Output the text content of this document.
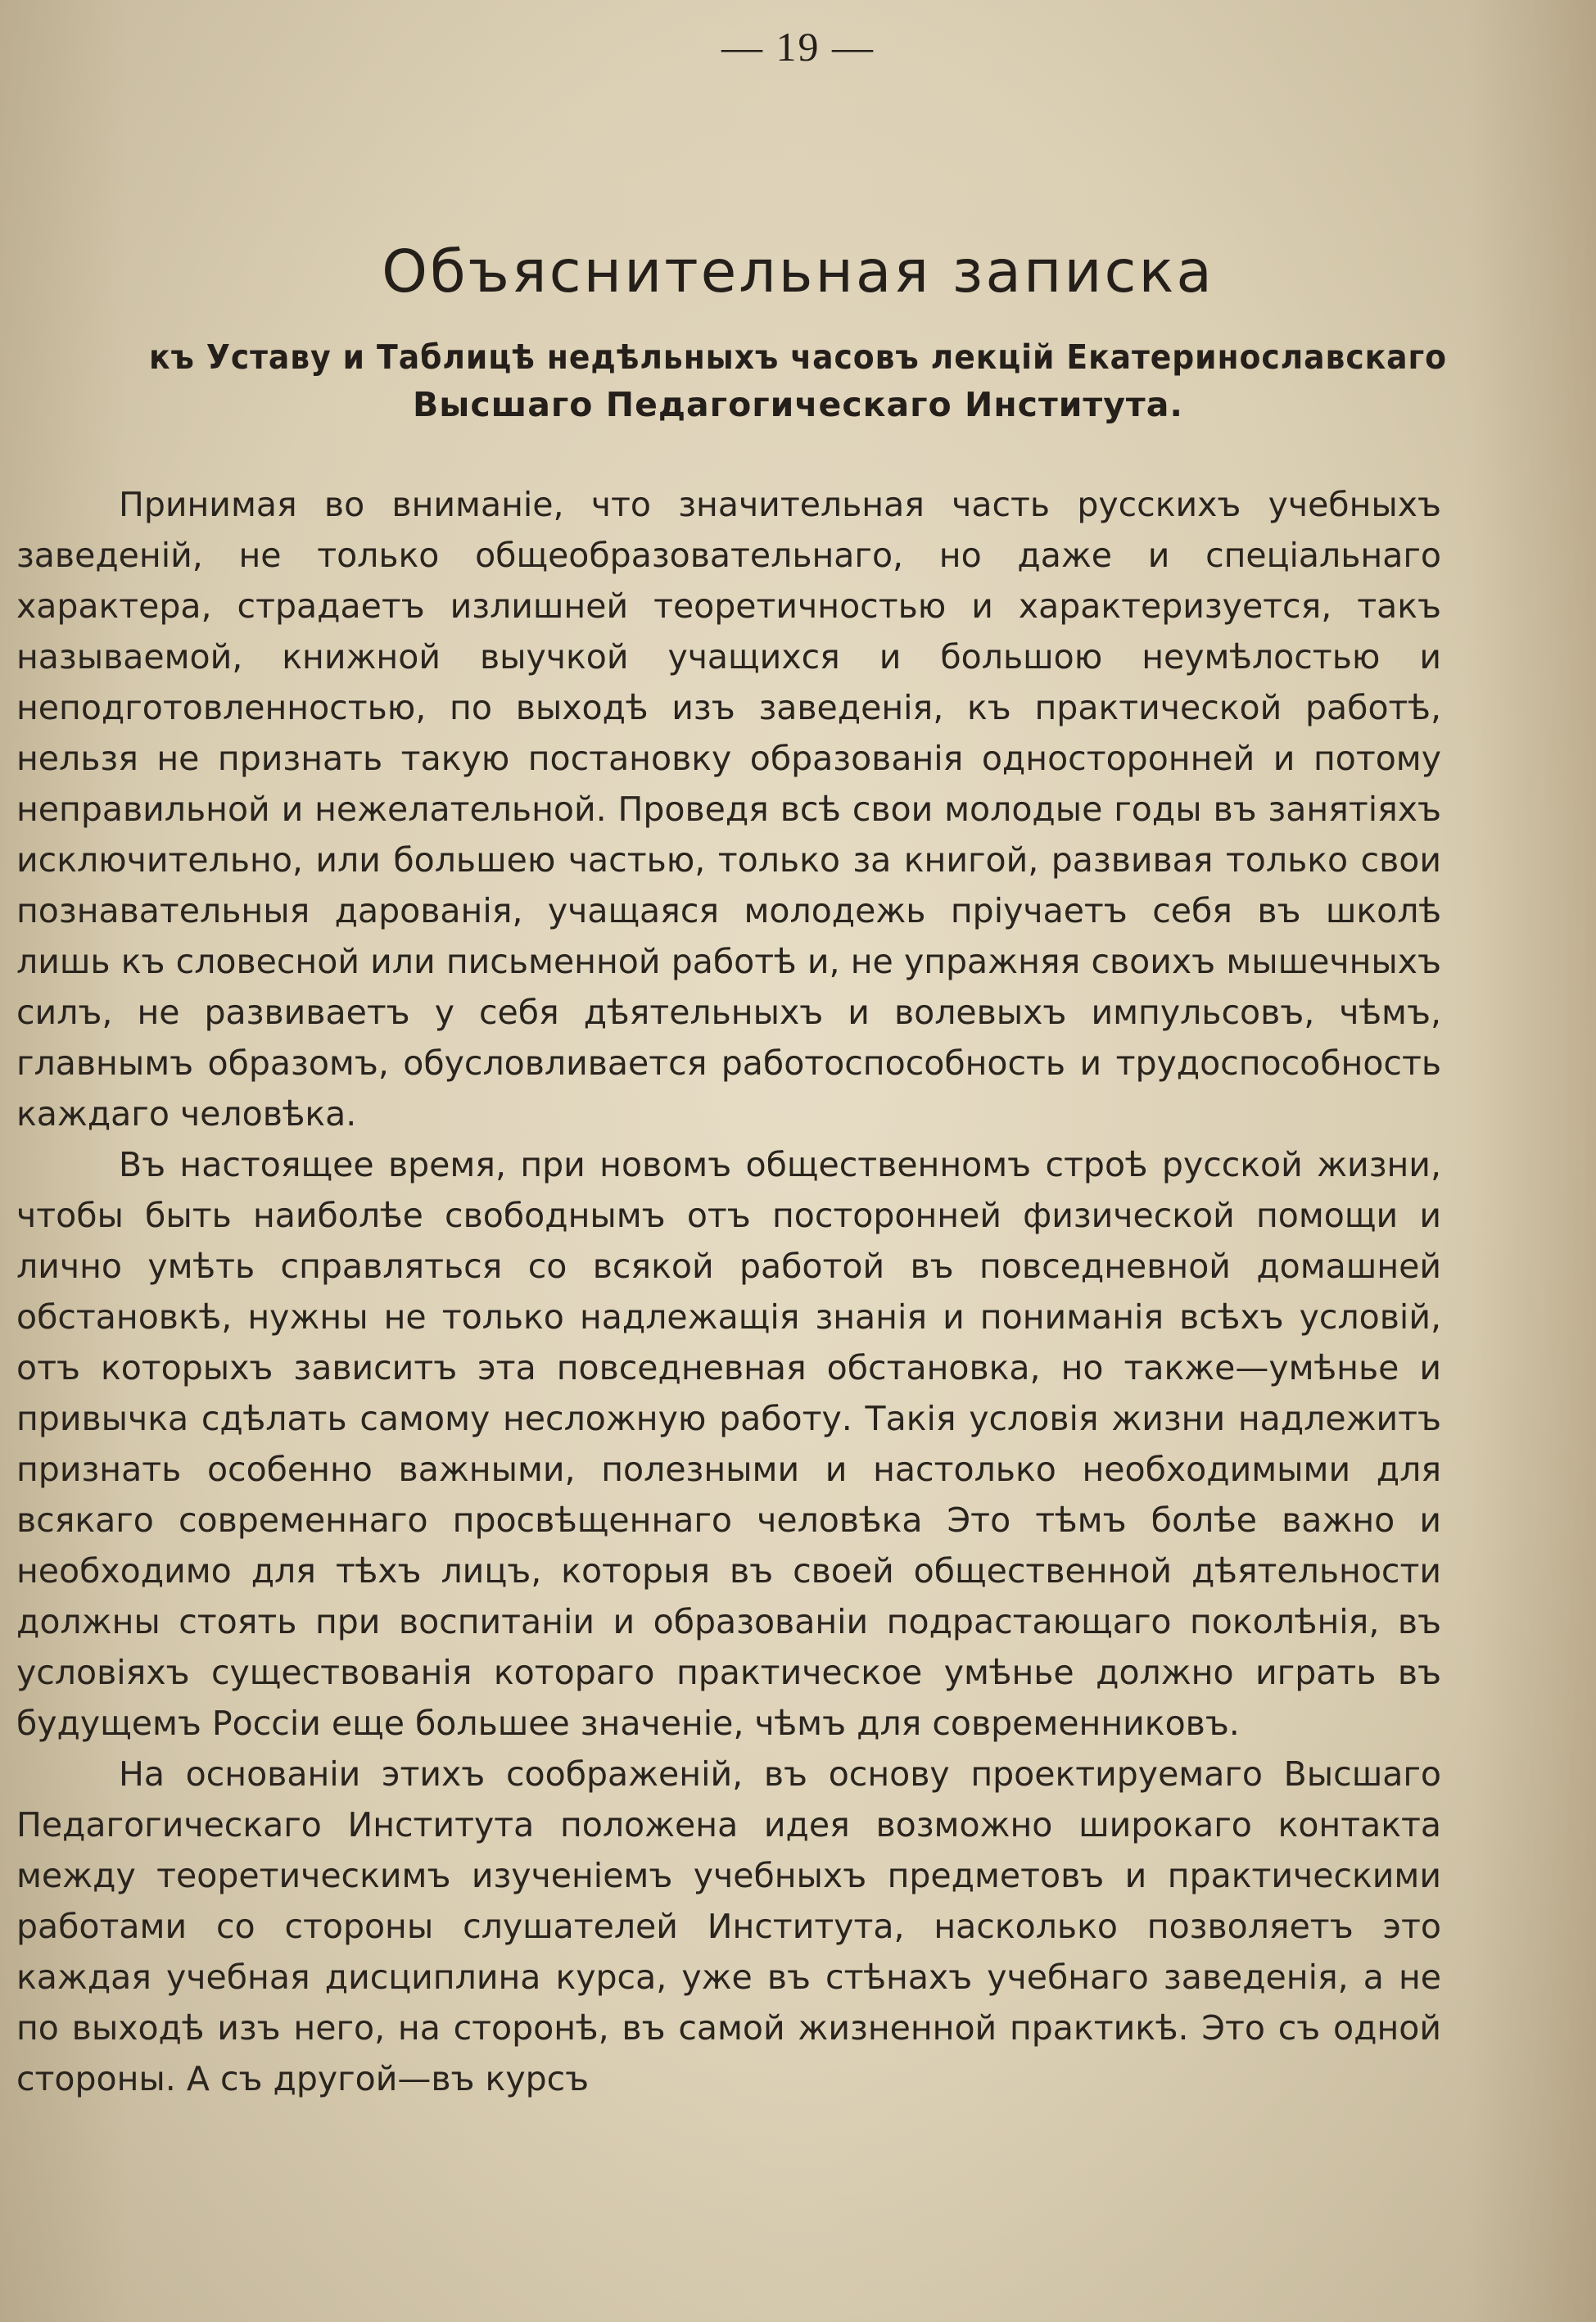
— 19 —
Объяснительная записка
къ Уставу и Таблицѣ недѣльныхъ часовъ лекцій Екатеринославскаго
Высшаго Педагогическаго Института.

Принимая во вниманіе, что значительная часть русскихъ учебныхъ заведеній, не только общеобразовательнаго, но даже и спеціальнаго характера, страдаетъ излишней теоретичностью и характеризуется, такъ называемой, книжной выучкой учащихся и большою неумѣлостью и неподготовленностью, по выходѣ изъ заведенія, къ практической работѣ, нельзя не признать такую постановку образованія односторонней и потому неправильной и нежелательной. Проведя всѣ свои молодые годы въ занятіяхъ исключительно, или большею частью, только за книгой, развивая только свои познавательныя дарованія, учащаяся молодежь пріучаетъ себя въ школѣ лишь къ словесной или письменной работѣ и, не упражняя своихъ мышечныхъ силъ, не развиваетъ у себя дѣятельныхъ и волевыхъ импульсовъ, чѣмъ, главнымъ образомъ, обусловливается работоспособность и трудоспособность каждаго человѣка.

Въ настоящее время, при новомъ общественномъ строѣ русской жизни, чтобы быть наиболѣе свободнымъ отъ посторонней физической помощи и лично умѣть справляться со всякой работой въ повседневной домашней обстановкѣ, нужны не только надлежащія знанія и пониманія всѣхъ условій, отъ которыхъ зависитъ эта повседневная обстановка, но также—умѣнье и привычка сдѣлать самому несложную работу. Такія условія жизни надлежитъ признать особенно важными, полезными и настолько необходимыми для всякаго современнаго просвѣщеннаго человѣка Это тѣмъ болѣе важно и необходимо для тѣхъ лицъ, которыя въ своей общественной дѣятельности должны стоять при воспитаніи и образованіи подрастающаго поколѣнія, въ условіяхъ существованія котораго практическое умѣнье должно играть въ будущемъ Россіи еще большее значеніе, чѣмъ для современниковъ.

На основаніи этихъ соображеній, въ основу проектируемаго Высшаго Педагогическаго Института положена идея возможно широкаго контакта между теоретическимъ изученіемъ учебныхъ предметовъ и практическими работами со стороны слушателей Института, насколько позволяетъ это каждая учебная дисциплина курса, уже въ стѣнахъ учебнаго заведенія, а не по выходѣ изъ него, на сторонѣ, въ самой жизненной практикѣ. Это съ одной стороны. А съ другой—въ курсъ
